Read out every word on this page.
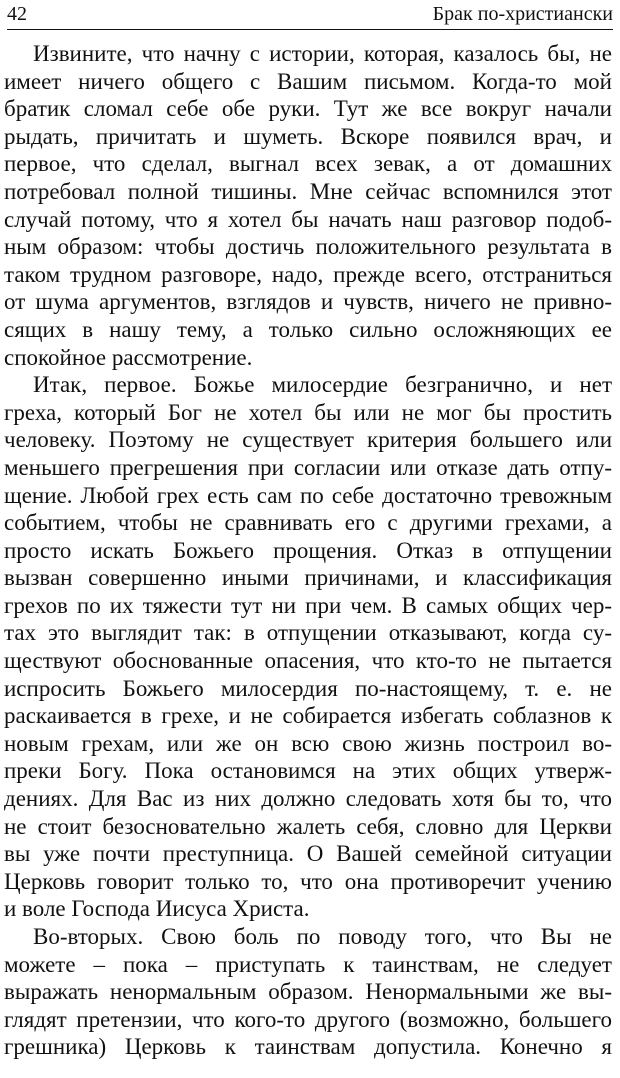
42	Брак по-христиански
Извините, что начну с истории, которая, казалось бы, не
имеет ничего общего с Вашим письмом. Когда-то мой
братик сломал себе обе руки. Тут же все вокруг начали
рыдать, причитать и шуметь. Вскоре появился врач, и
первое, что сделал, выгнал всех зевак, а от домашних
потребовал полной тишины. Мне сейчас вспомнился этот
случай потому, что я хотел бы начать наш разговор подоб-
ным образом: чтобы достичь положительного результата в
таком трудном разговоре, надо, прежде всего, отстраниться
от шума аргументов, взглядов и чувств, ничего не привно-
сящих в нашу тему, а только сильно осложняющих ее
спокойное рассмотрение.
Итак, первое. Божье милосердие безгранично, и нет
греха, который Бог не хотел бы или не мог бы простить
человеку. Поэтому не существует критерия большего или
меньшего прегрешения при согласии или отказе дать отпу-
щение. Любой грех есть сам по себе достаточно тревожным
событием, чтобы не сравнивать его с другими грехами, а
просто искать Божьего прощения. Отказ в отпущении
вызван совершенно иными причинами, и классификация
грехов по их тяжести тут ни при чем. В самых общих чер-
тах это выглядит так: в отпущении отказывают, когда су-
ществуют обоснованные опасения, что кто-то не пытается
испросить Божьего милосердия по-настоящему, т. е. не
раскаивается в грехе, и не собирается избегать соблазнов к
новым грехам, или же он всю свою жизнь построил во-
преки Богу. Пока остановимся на этих общих утверж-
дениях. Для Вас из них должно следовать хотя бы то, что
не стоит безосновательно жалеть себя, словно для Церкви
вы уже почти преступница. О Вашей семейной ситуации
Церковь говорит только то, что она противоречит учению
и воле Господа Иисуса Христа.
Во-вторых. Свою боль по поводу того, что Вы не
можете – пока – приступать к таинствам, не следует
выражать ненормальным образом. Ненормальными же вы-
глядят претензии, что кого-то другого (возможно, большего
грешника) Церковь к таинствам допустила. Конечно я
